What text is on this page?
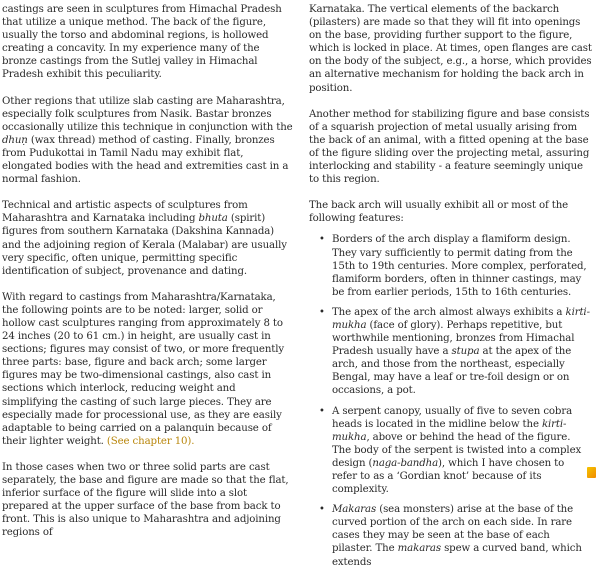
castings are seen in sculptures from Himachal Pradesh that utilize a unique method. The back of the figure, usually the torso and abdominal regions, is hollowed creating a concavity. In my experience many of the bronze castings from the Sutlej valley in Himachal Pradesh exhibit this peculiarity.

Other regions that utilize slab casting are Maharashtra, especially folk sculptures from Nasik. Bastar bronzes occasionally utilize this technique in conjunction with the dhuṇ (wax thread) method of casting. Finally, bronzes from Pudukottai in Tamil Nadu may exhibit flat, elongated bodies with the head and extremities cast in a normal fashion.

Technical and artistic aspects of sculptures from Maharashtra and Karnataka including bhuta (spirit) figures from southern Karnataka (Dakshina Kannada) and the adjoining region of Kerala (Malabar) are usually very specific, often unique, permitting specific identification of subject, provenance and dating.

With regard to castings from Maharashtra/Karnataka, the following points are to be noted: larger, solid or hollow cast sculptures ranging from approximately 8 to 24 inches (20 to 61 cm.) in height, are usually cast in sections; figures may consist of two, or more frequently three parts: base, figure and back arch; some larger figures may be two-dimensional castings, also cast in sections which interlock, reducing weight and simplifying the casting of such large pieces. They are especially made for processional use, as they are easily adaptable to being carried on a palanquin because of their lighter weight. (See chapter 10).

In those cases when two or three solid parts are cast separately, the base and figure are made so that the flat, inferior surface of the figure will slide into a slot prepared at the upper surface of the base from back to front. This is also unique to Maharashtra and adjoining regions of

Karnataka. The vertical elements of the backarch (pilasters) are made so that they will fit into openings on the base, providing further support to the figure, which is locked in place. At times, open flanges are cast on the body of the subject, e.g., a horse, which provides an alternative mechanism for holding the back arch in position.

Another method for stabilizing figure and base consists of a squarish projection of metal usually arising from the back of an animal, with a fitted opening at the base of the figure sliding over the projecting metal, assuring interlocking and stability - a feature seemingly unique to this region.

The back arch will usually exhibit all or most of the following features:

• Borders of the arch display a flamiform design. They vary sufficiently to permit dating from the 15th to 19th centuries. More complex, perforated, flamiform borders, often in thinner castings, may be from earlier periods, 15th to 16th centuries.
• The apex of the arch almost always exhibits a kirti-mukha (face of glory). Perhaps repetitive, but worthwhile mentioning, bronzes from Himachal Pradesh usually have a stupa at the apex of the arch, and those from the northeast, especially Bengal, may have a leaf or tre-foil design or on occasions, a pot.
• A serpent canopy, usually of five to seven cobra heads is located in the midline below the kirti-mukha, above or behind the head of the figure. The body of the serpent is twisted into a complex design (naga-bandha), which I have chosen to refer to as a ‘Gordian knot’ because of its complexity.
• Makaras (sea monsters) arise at the base of the curved portion of the arch on each side. In rare cases they may be seen at the base of each pilaster. The makaras spew a curved band, which extends
